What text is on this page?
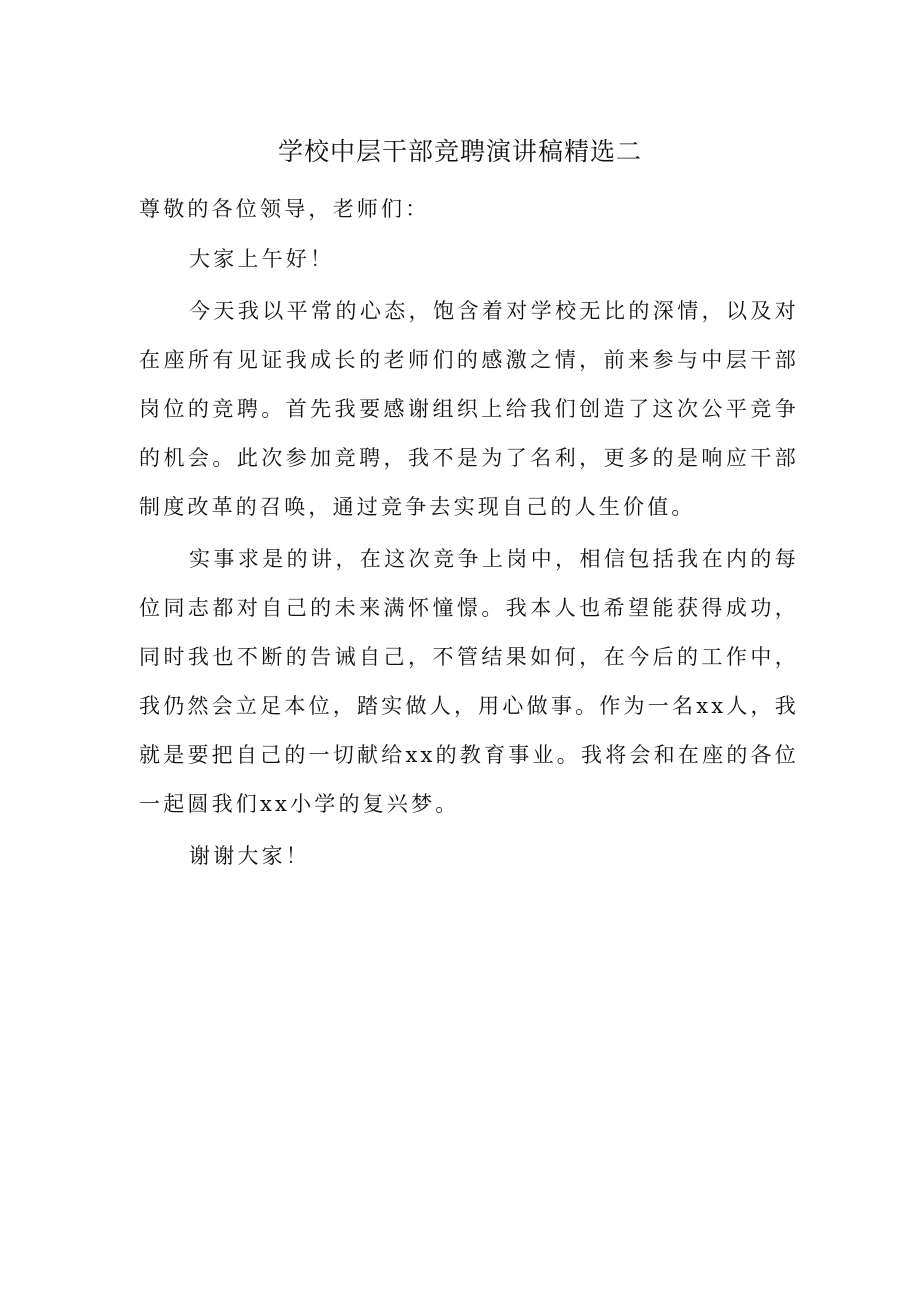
学校中层干部竞聘演讲稿精选二

尊敬的各位领导，老师们：

大家上午好！

今天我以平常的心态，饱含着对学校无比的深情，以及对在座所有见证我成长的老师们的感激之情，前来参与中层干部岗位的竞聘。首先我要感谢组织上给我们创造了这次公平竞争的机会。此次参加竞聘，我不是为了名利，更多的是响应干部制度改革的召唤，通过竞争去实现自己的人生价值。

实事求是的讲，在这次竞争上岗中，相信包括我在内的每位同志都对自己的未来满怀憧憬。我本人也希望能获得成功，同时我也不断的告诫自己，不管结果如何，在今后的工作中，我仍然会立足本位，踏实做人，用心做事。作为一名xx人，我就是要把自己的一切献给xx的教育事业。我将会和在座的各位一起圆我们xx小学的复兴梦。

谢谢大家！
